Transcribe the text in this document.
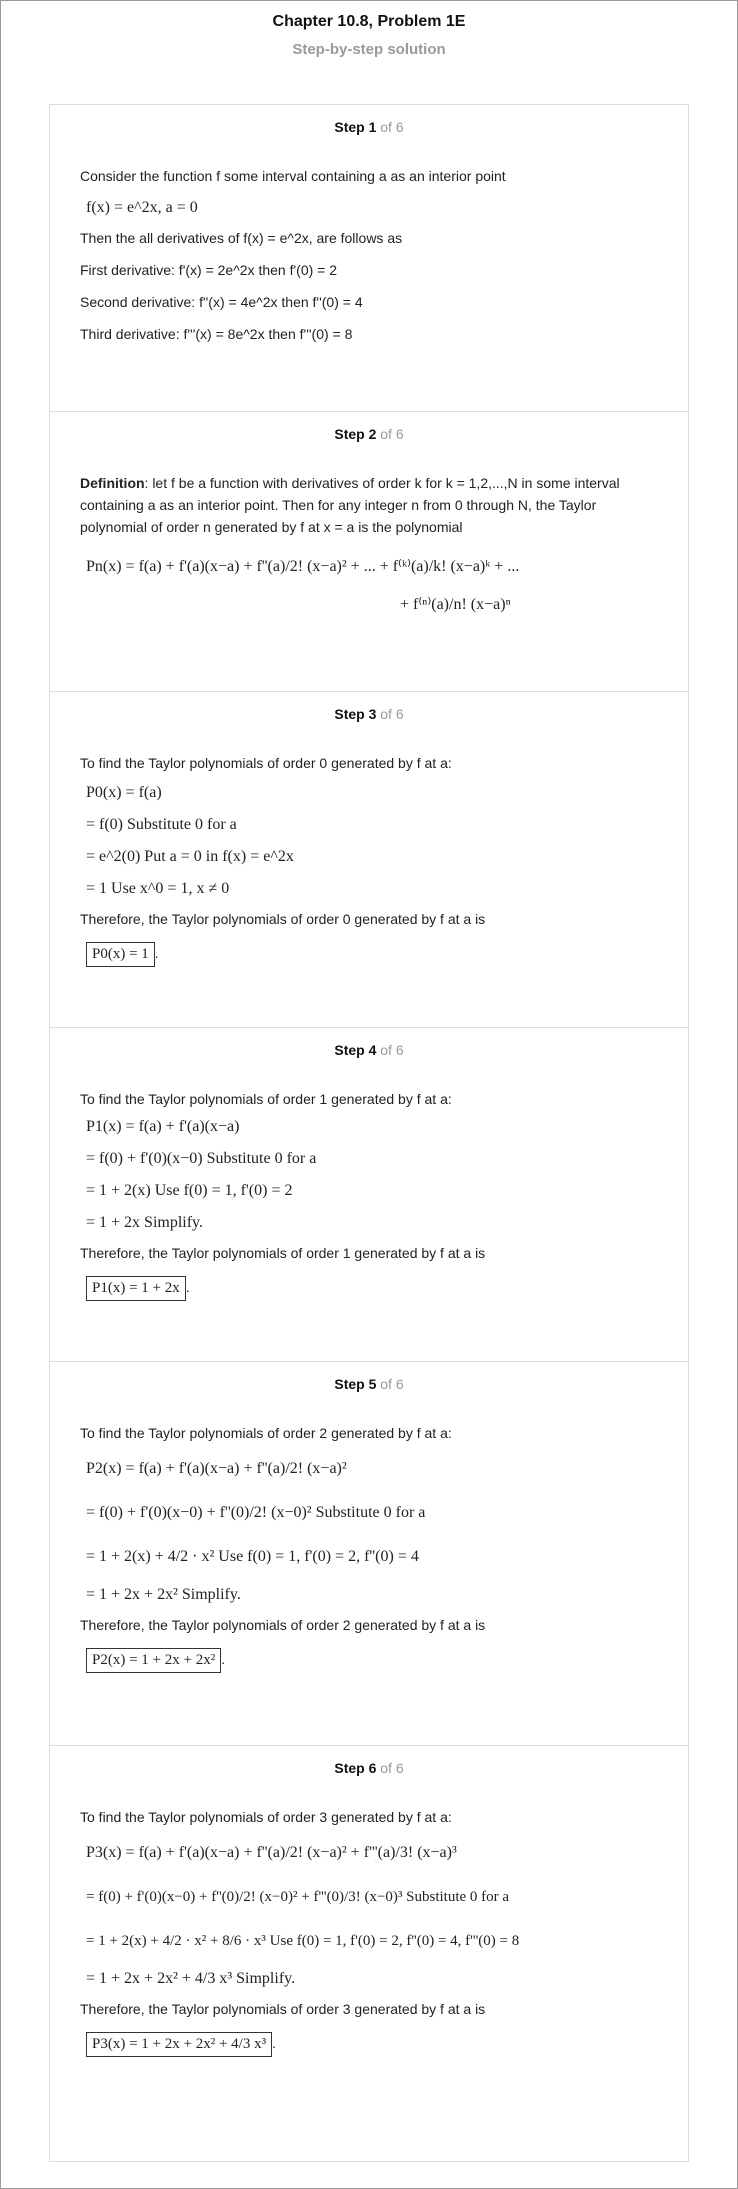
Chapter 10.8, Problem 1E
Step-by-step solution
Step 1 of 6
Consider the function f some interval containing a as an interior point
f(x) = e^2x, a = 0
Then the all derivatives of f(x) = e^2x, are follows as
First derivative: f'(x) = 2e^2x then f'(0) = 2
Second derivative: f''(x) = 4e^2x then f''(0) = 4
Third derivative: f'''(x) = 8e^2x then f'''(0) = 8
Step 2 of 6
Definition: let f be a function with derivatives of order k for k = 1,2,...,N in some interval containing a as an interior point. Then for any integer n from 0 through N, the Taylor polynomial of order n generated by f at x = a is the polynomial
Pn(x) = f(a) + f'(a)(x−a) + f''(a)/2! (x−a)² + ... + f⁽ᵏ⁾(a)/k! (x−a)ᵏ + ...
+ f⁽ⁿ⁾(a)/n! (x−a)ⁿ
Step 3 of 6
To find the Taylor polynomials of order 0 generated by f at a:
P0(x) = f(a)
= f(0) Substitute 0 for a
= e^2(0) Put a = 0 in f(x) = e^2x
= 1 Use x^0 = 1, x ≠ 0
Therefore, the Taylor polynomials of order 0 generated by f at a is
P0(x) = 1 .
Step 4 of 6
To find the Taylor polynomials of order 1 generated by f at a:
P1(x) = f(a) + f'(a)(x−a)
= f(0) + f'(0)(x−0) Substitute 0 for a
= 1 + 2(x) Use f(0) = 1, f'(0) = 2
= 1 + 2x Simplify.
Therefore, the Taylor polynomials of order 1 generated by f at a is
P1(x) = 1 + 2x .
Step 5 of 6
To find the Taylor polynomials of order 2 generated by f at a:
P2(x) = f(a) + f'(a)(x−a) + f''(a)/2! (x−a)²
= f(0) + f'(0)(x−0) + f''(0)/2! (x−0)² Substitute 0 for a
= 1 + 2(x) + 4/2 · x² Use f(0) = 1, f'(0) = 2, f''(0) = 4
= 1 + 2x + 2x² Simplify.
Therefore, the Taylor polynomials of order 2 generated by f at a is
P2(x) = 1 + 2x + 2x² .
Step 6 of 6
To find the Taylor polynomials of order 3 generated by f at a:
P3(x) = f(a) + f'(a)(x−a) + f''(a)/2! (x−a)² + f'''(a)/3! (x−a)³
= f(0) + f'(0)(x−0) + f''(0)/2! (x−0)² + f'''(0)/3! (x−0)³ Substitute 0 for a
= 1 + 2(x) + 4/2 · x² + 8/6 · x³ Use f(0) = 1, f'(0) = 2, f''(0) = 4, f'''(0) = 8
= 1 + 2x + 2x² + 4/3 x³ Simplify.
Therefore, the Taylor polynomials of order 3 generated by f at a is
P3(x) = 1 + 2x + 2x² + 4/3 x³ .
